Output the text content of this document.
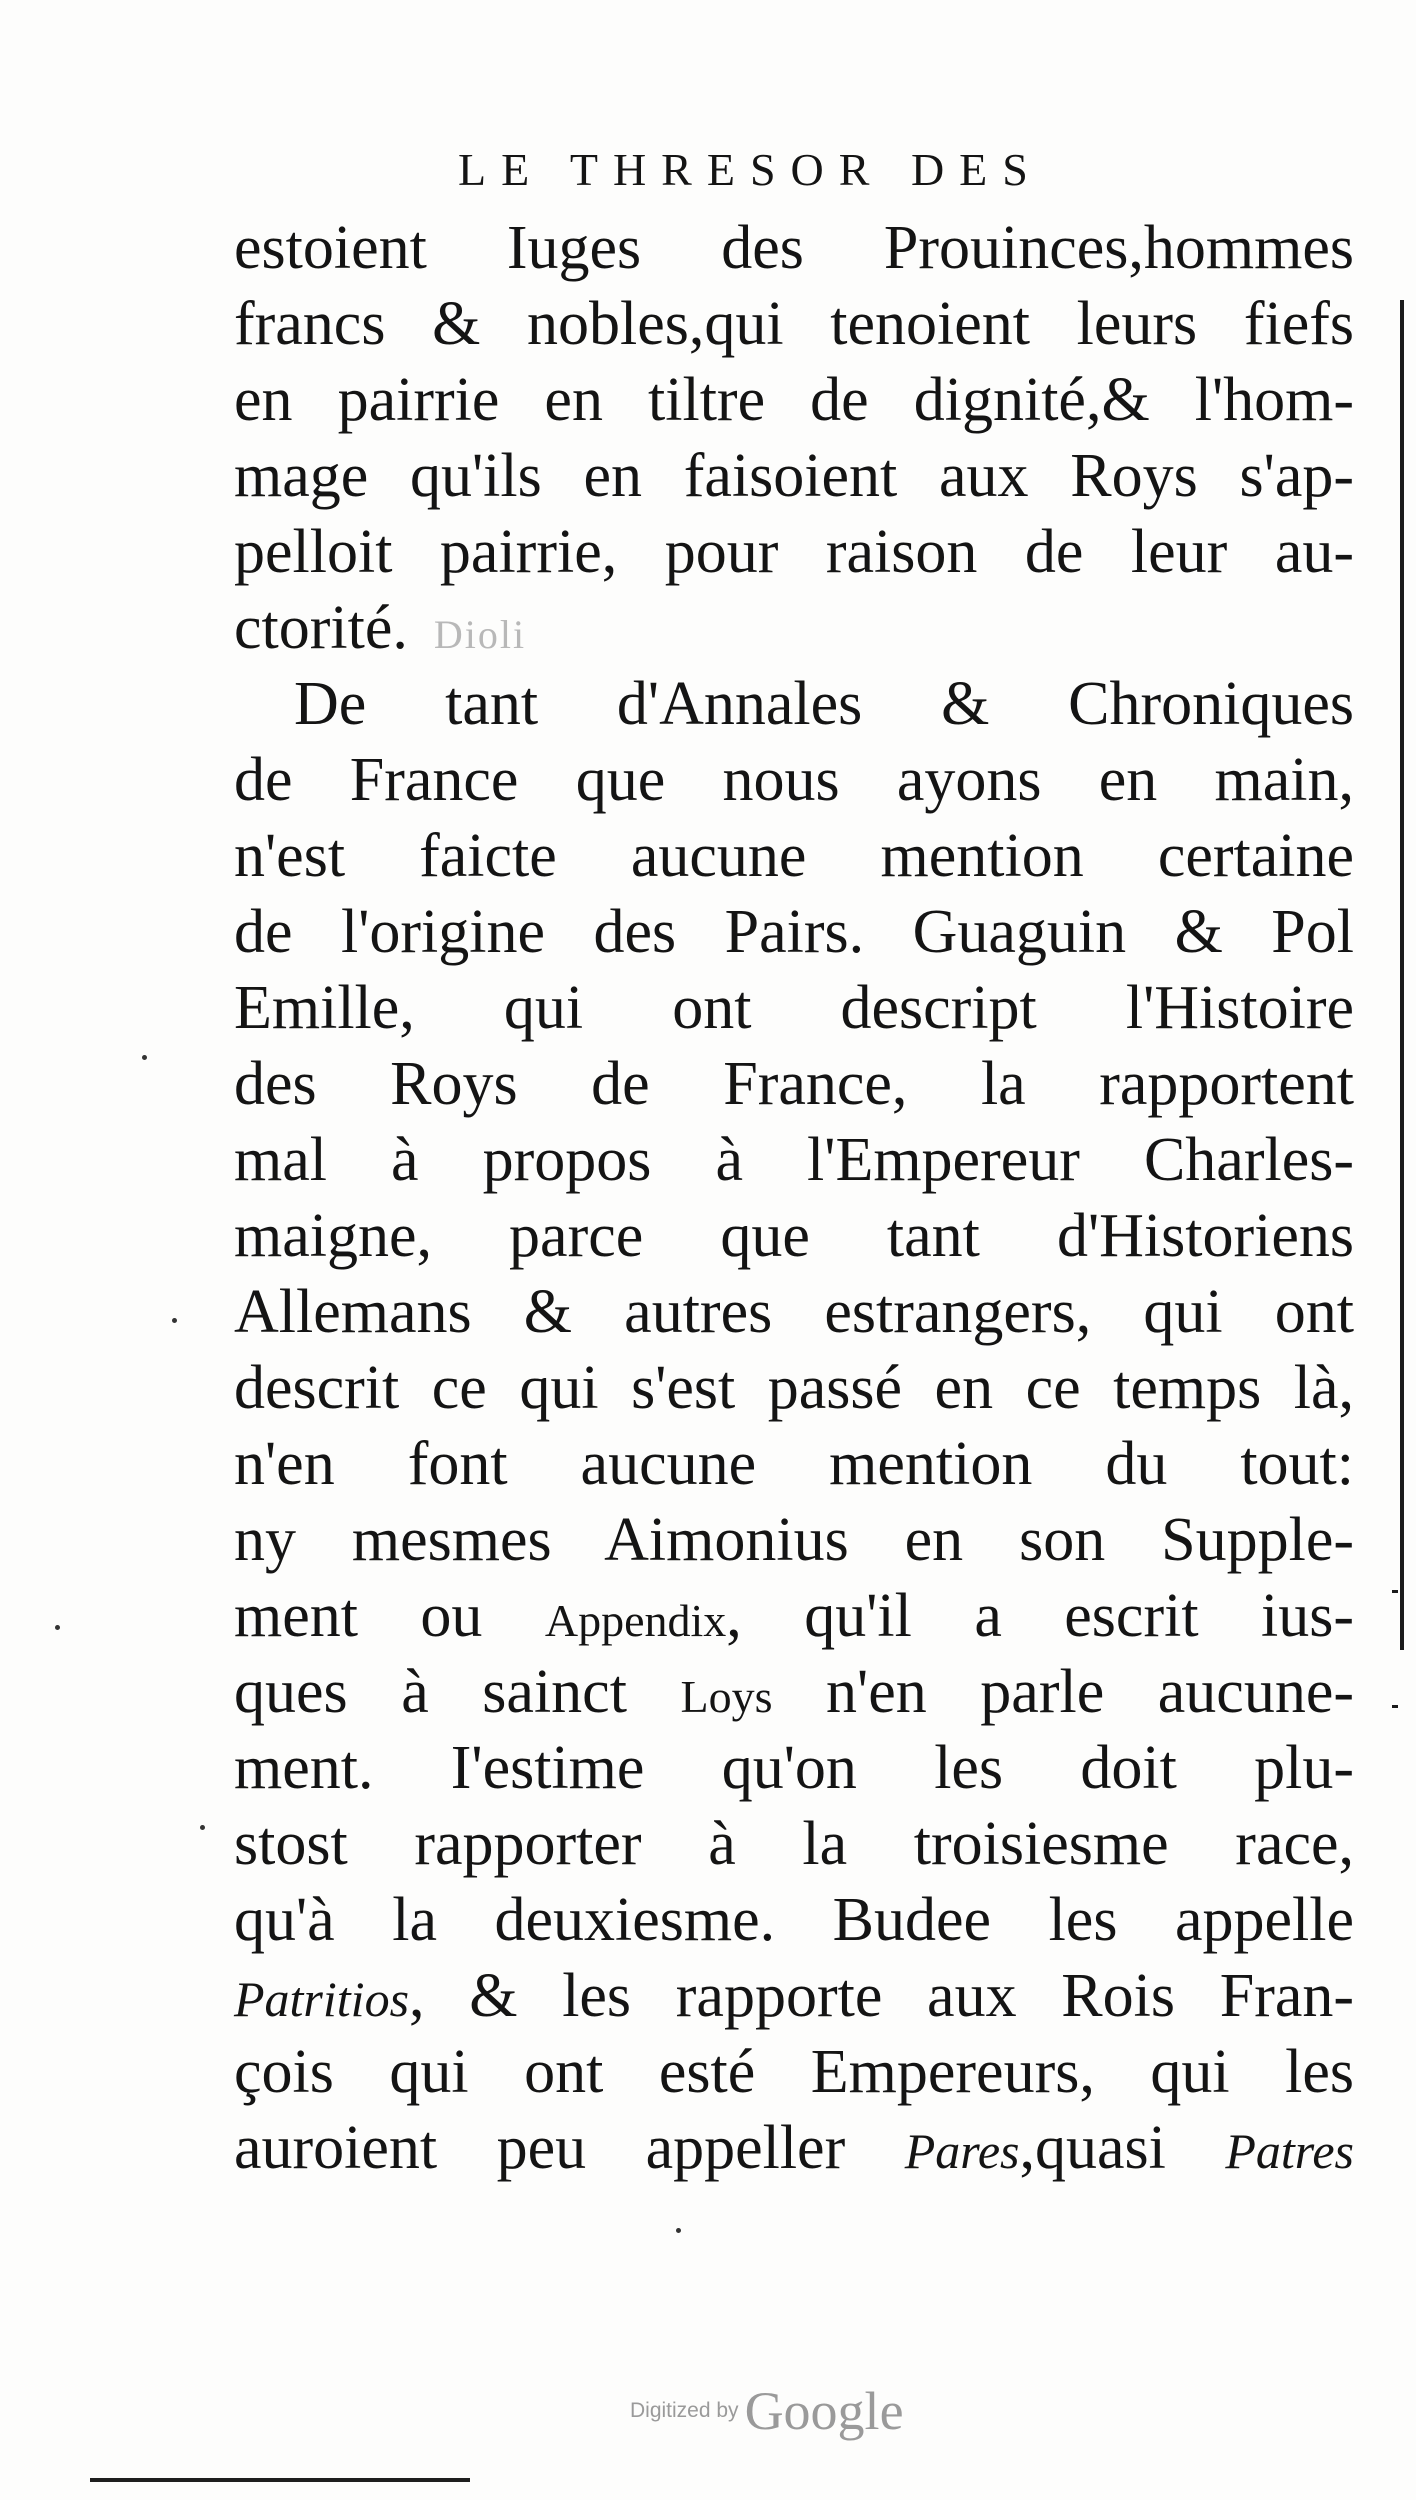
LE THRESOR DES
estoient Iuges des Prouinces,hommes
francs & nobles,qui tenoient leurs fiefs
en pairrie en tiltre de dignité,& l'hom-
mage qu'ils en faisoient aux Roys s'ap-
pelloit pairrie, pour raison de leur au-
ctorité. Dioli
De tant d'Annales & Chroniques
de France que nous ayons en main,
n'est faicte aucune mention certaine
de l'origine des Pairs. Guaguin & Pol
Emille, qui ont descript l'Histoire
des Roys de France, la rapportent
mal à propos à l'Empereur Charles-
maigne, parce que tant d'Historiens
Allemans & autres estrangers, qui ont
descrit ce qui s'est passé en ce temps là,
n'en font aucune mention du tout:
ny mesmes Aimonius en son Supple-
ment ou Appendix, qu'il a escrit ius-
ques à sainct Loys n'en parle aucune-
ment. I'estime qu'on les doit plu-
stost rapporter à la troisiesme race,
qu'à la deuxiesme. Budee les appelle
Patritios, & les rapporte aux Rois Fran-
çois qui ont esté Empereurs, qui les
auroient peu appeller Pares,quasi Patres
Digitized by Google
